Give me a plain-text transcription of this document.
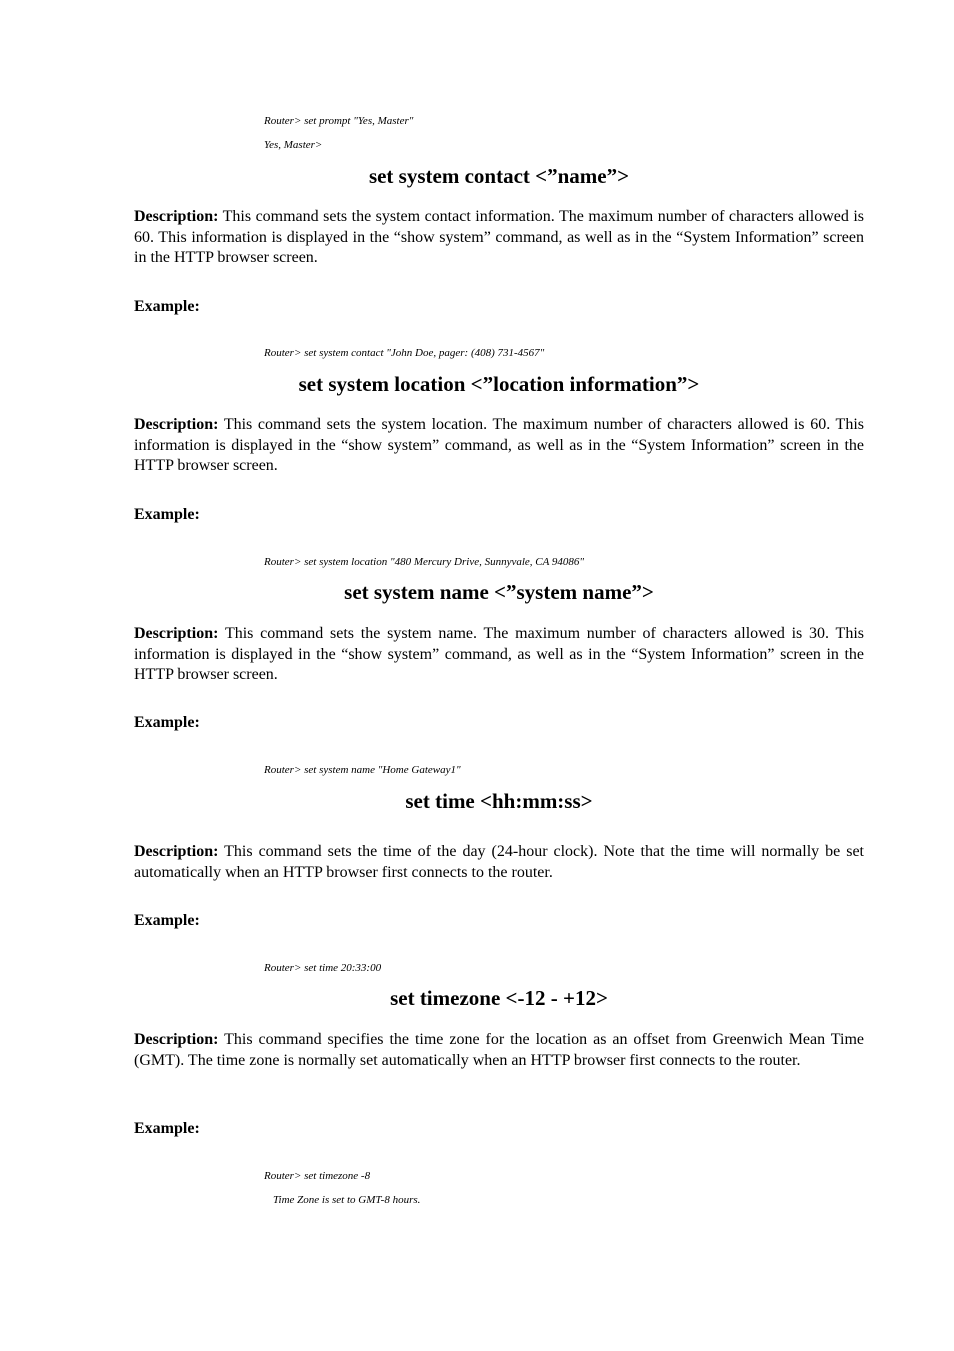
Router> set prompt "Yes, Master"
Yes, Master>
set system contact <”name”>

Description: This command sets the system contact information. The maximum number of characters allowed is 60. This information is displayed in the “show system” command, as well as in the “System Information” screen in the HTTP browser screen.

Example:
Router> set system contact "John Doe, pager: (408) 731-4567"
set system location <”location information”>

Description: This command sets the system location. The maximum number of characters allowed is 60. This information is displayed in the “show system” command, as well as in the “System Information” screen in the HTTP browser screen.

Example:
Router> set system location "480 Mercury Drive, Sunnyvale, CA 94086"
set system name <”system name”>

Description: This command sets the system name. The maximum number of characters allowed is 30. This information is displayed in the “show system” command, as well as in the “System Information” screen in the HTTP browser screen.

Example:
Router> set system name "Home Gateway1"
set time <hh:mm:ss>

Description: This command sets the time of the day (24-hour clock). Note that the time will normally be set automatically when an HTTP browser first connects to the router.

Example:
Router> set time 20:33:00
set timezone <-12 - +12>

Description: This command specifies the time zone for the location as an offset from Greenwich Mean Time (GMT). The time zone is normally set automatically when an HTTP browser first connects to the router.

Example:
Router> set timezone -8
Time Zone is set to GMT-8 hours.
